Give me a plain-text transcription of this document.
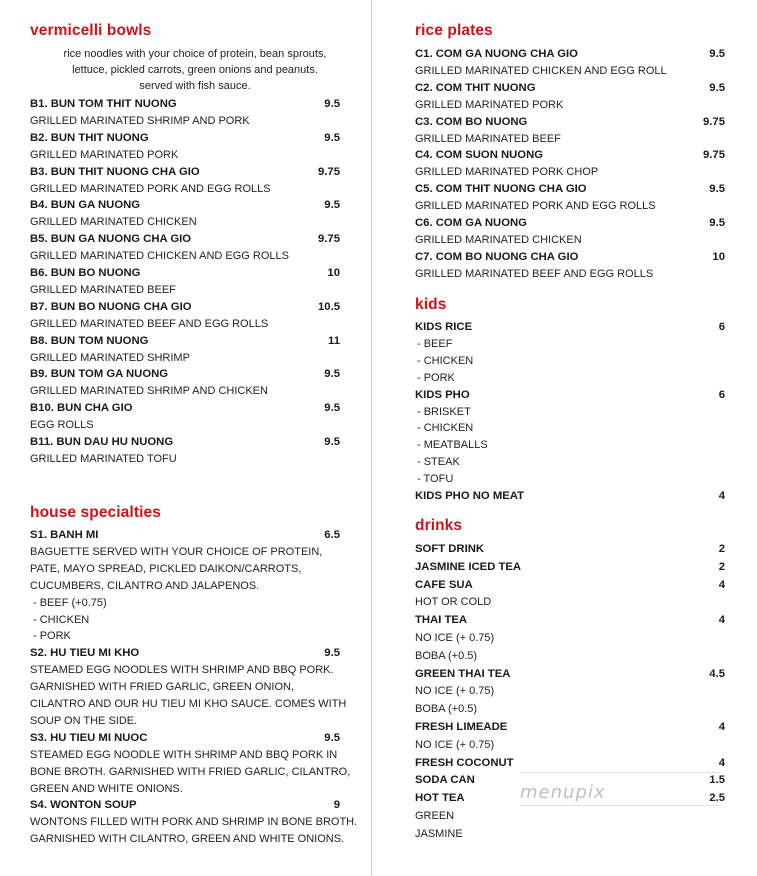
vermicelli bowls
rice noodles with your choice of protein, bean sprouts,
lettuce, pickled carrots, green onions and peanuts.
served with fish sauce.
B1. BUN TOM THIT NUONG	9.5
GRILLED MARINATED SHRIMP AND PORK
B2. BUN THIT NUONG	9.5
GRILLED MARINATED PORK
B3. BUN THIT NUONG CHA GIO	9.75
GRILLED MARINATED PORK AND EGG ROLLS
B4. BUN GA NUONG	9.5
GRILLED MARINATED CHICKEN
B5. BUN GA NUONG CHA GIO	9.75
GRILLED MARINATED CHICKEN AND EGG ROLLS
B6. BUN BO NUONG	10
GRILLED MARINATED BEEF
B7. BUN BO NUONG CHA GIO	10.5
GRILLED MARINATED BEEF AND EGG ROLLS
B8. BUN TOM NUONG	11
GRILLED MARINATED SHRIMP
B9. BUN TOM GA NUONG	9.5
GRILLED MARINATED SHRIMP AND CHICKEN
B10. BUN CHA GIO	9.5
EGG ROLLS
B11. BUN DAU HU NUONG	9.5
GRILLED MARINATED TOFU
house specialties
S1. BANH MI	6.5
BAGUETTE SERVED WITH YOUR CHOICE OF PROTEIN,
PATE, MAYO SPREAD, PICKLED DAIKON/CARROTS,
CUCUMBERS, CILANTRO AND JALAPENOS.
- BEEF (+0.75)
- CHICKEN
- PORK
S2. HU TIEU MI KHO	9.5
STEAMED EGG NOODLES WITH SHRIMP AND BBQ PORK.
GARNISHED WITH FRIED GARLIC, GREEN ONION,
CILANTRO AND OUR HU TIEU MI KHO SAUCE. COMES WITH
SOUP ON THE SIDE.
S3. HU TIEU MI NUOC	9.5
STEAMED EGG NOODLE WITH SHRIMP AND BBQ PORK IN
BONE BROTH. GARNISHED WITH FRIED GARLIC, CILANTRO,
GREEN AND WHITE ONIONS.
S4. WONTON SOUP	9
WONTONS FILLED WITH PORK AND SHRIMP IN BONE BROTH.
GARNISHED WITH CILANTRO, GREEN AND WHITE ONIONS.
rice plates
C1. COM GA NUONG CHA GIO	9.5
GRILLED MARINATED CHICKEN AND EGG ROLL
C2. COM THIT NUONG	9.5
GRILLED MARINATED PORK
C3. COM BO NUONG	9.75
GRILLED MARINATED BEEF
C4. COM SUON NUONG	9.75
GRILLED MARINATED PORK CHOP
C5. COM THIT NUONG CHA GIO	9.5
GRILLED MARINATED PORK AND EGG ROLLS
C6. COM GA NUONG	9.5
GRILLED MARINATED CHICKEN
C7. COM BO NUONG CHA GIO	10
GRILLED MARINATED BEEF AND EGG ROLLS
kids
KIDS RICE	6
- BEEF
- CHICKEN
- PORK
KIDS PHO	6
- BRISKET
- CHICKEN
- MEATBALLS
- STEAK
- TOFU
KIDS PHO NO MEAT	4
drinks
SOFT DRINK	2
JASMINE ICED TEA	2
CAFE SUA	4
HOT OR COLD
THAI TEA	4
NO ICE (+ 0.75)
BOBA (+0.5)
GREEN THAI TEA	4.5
NO ICE (+ 0.75)
BOBA (+0.5)
FRESH LIMEADE	4
NO ICE (+ 0.75)
FRESH COCONUT	4
SODA CAN	1.5
HOT TEA	2.5
GREEN
JASMINE
menupix
